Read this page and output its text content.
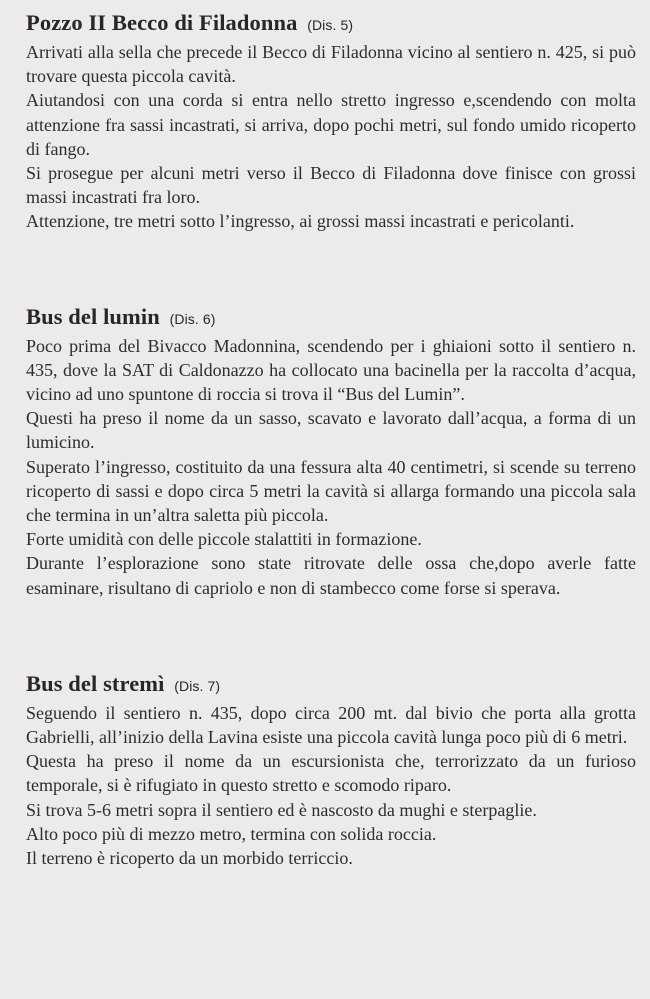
Pozzo II Becco di Filadonna (Dis. 5)

Arrivati alla sella che precede il Becco di Filadonna vicino al sentiero n. 425, si può trovare questa piccola cavità.

Aiutandosi con una corda si entra nello stretto ingresso e,scendendo con molta attenzione fra sassi incastrati, si arriva, dopo pochi metri, sul fondo umido ricoperto di fango.

Si prosegue per alcuni metri verso il Becco di Filadonna dove finisce con grossi massi incastrati fra loro.

Attenzione, tre metri sotto l’ingresso, ai grossi massi incastrati e pericolanti.

Bus del lumin (Dis. 6)

Poco prima del Bivacco Madonnina, scendendo per i ghiaioni sotto il sentiero n. 435, dove la SAT di Caldonazzo ha collocato una bacinella per la raccolta d’acqua, vicino ad uno spuntone di roccia si trova il “Bus del Lumin”.

Questi ha preso il nome da un sasso, scavato e lavorato dall’acqua, a forma di un lumicino.

Superato l’ingresso, costituito da una fessura alta 40 centimetri, si scende su terreno ricoperto di sassi e dopo circa 5 metri la cavità si allarga formando una piccola sala che termina in un’altra saletta più piccola.

Forte umidità con delle piccole stalattiti in formazione.

Durante l’esplorazione sono state ritrovate delle ossa che,dopo averle fatte esaminare, risultano di capriolo e non di stambecco come forse si sperava.

Bus del stremì (Dis. 7)

Seguendo il sentiero n. 435, dopo circa 200 mt. dal bivio che porta alla grotta Gabrielli, all’inizio della Lavina esiste una piccola cavità lunga poco più di 6 metri.

Questa ha preso il nome da un escursionista che, terrorizzato da un furioso temporale, si è rifugiato in questo stretto e scomodo riparo.

Si trova 5-6 metri sopra il sentiero ed è nascosto da mughi e sterpaglie.

Alto poco più di mezzo metro, termina con solida roccia.

Il terreno è ricoperto da un morbido terriccio.
